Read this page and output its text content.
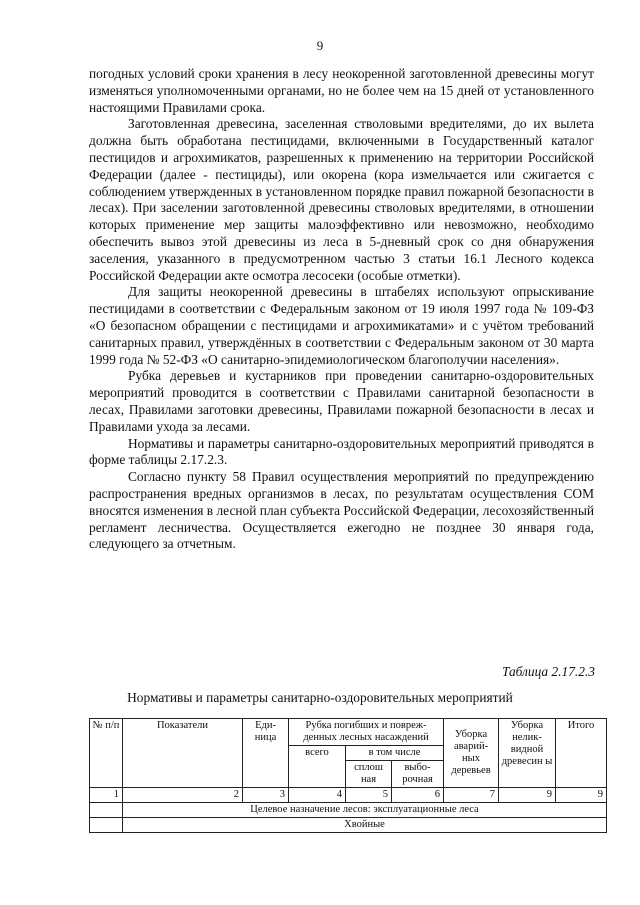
9

погодных условий сроки хранения в лесу неокоренной заготовленной древесины могут изменяться уполномоченными органами, но не более чем на 15 дней от установленного настоящими Правилами срока.

Заготовленная древесина, заселенная стволовыми вредителями, до их вылета должна быть обработана пестицидами, включенными в Государственный каталог пестицидов и агрохимикатов, разрешенных к применению на территории Российской Федерации (далее - пестициды), или окорена (кора измельчается или сжигается с соблюдением утвержденных в установленном порядке правил пожарной безопасности в лесах). При заселении заготовленной древесины стволовых вредителями, в отношении которых применение мер защиты малоэффективно или невозможно, необходимо обеспечить вывоз этой древесины из леса в 5-дневный срок со дня обнаружения заселения, указанного в предусмотренном частью 3 статьи 16.1 Лесного кодекса Российской Федерации акте осмотра лесосеки (особые отметки).

Для защиты неокоренной древесины в штабелях используют опрыскивание пестицидами в соответствии с Федеральным законом от 19 июля 1997 года № 109-ФЗ «О безопасном обращении с пестицидами и агрохимикатами» и с учётом требований санитарных правил, утверждённых в соответствии с Федеральным законом от 30 марта 1999 года № 52-ФЗ «О санитарно-эпидемиологическом благополучии населения».

Рубка деревьев и кустарников при проведении санитарно-оздоровительных мероприятий проводится в соответствии с Правилами санитарной безопасности в лесах, Правилами заготовки древесины, Правилами пожарной безопасности в лесах и Правилами ухода за лесами.

Нормативы и параметры санитарно-оздоровительных мероприятий приводятся в форме таблицы 2.17.2.3.

Согласно пункту 58 Правил осуществления мероприятий по предупреждению распространения вредных организмов в лесах, по результатам осуществления СОМ вносятся изменения в лесной план субъекта Российской Федерации, лесохозяйственный регламент лесничества. Осуществляется ежегодно не позднее 30 января года, следующего за отчетным.

Таблица 2.17.2.3
Нормативы и параметры санитарно-оздоровительных мероприятий
№ п/п	Показатели	Еди-ница	Рубка погибших и повреж-денных лесных насаждений			Уборка аварий-ных деревьев	Уборка нелик-видной древесин ы	Итого
			всего	в том числе				
				сплош ная	выбо-рочная			
1	2	3	4	5	6	7	9	9
	Целевое назначение лесов: эксплуатационные леса							
	Хвойные							
